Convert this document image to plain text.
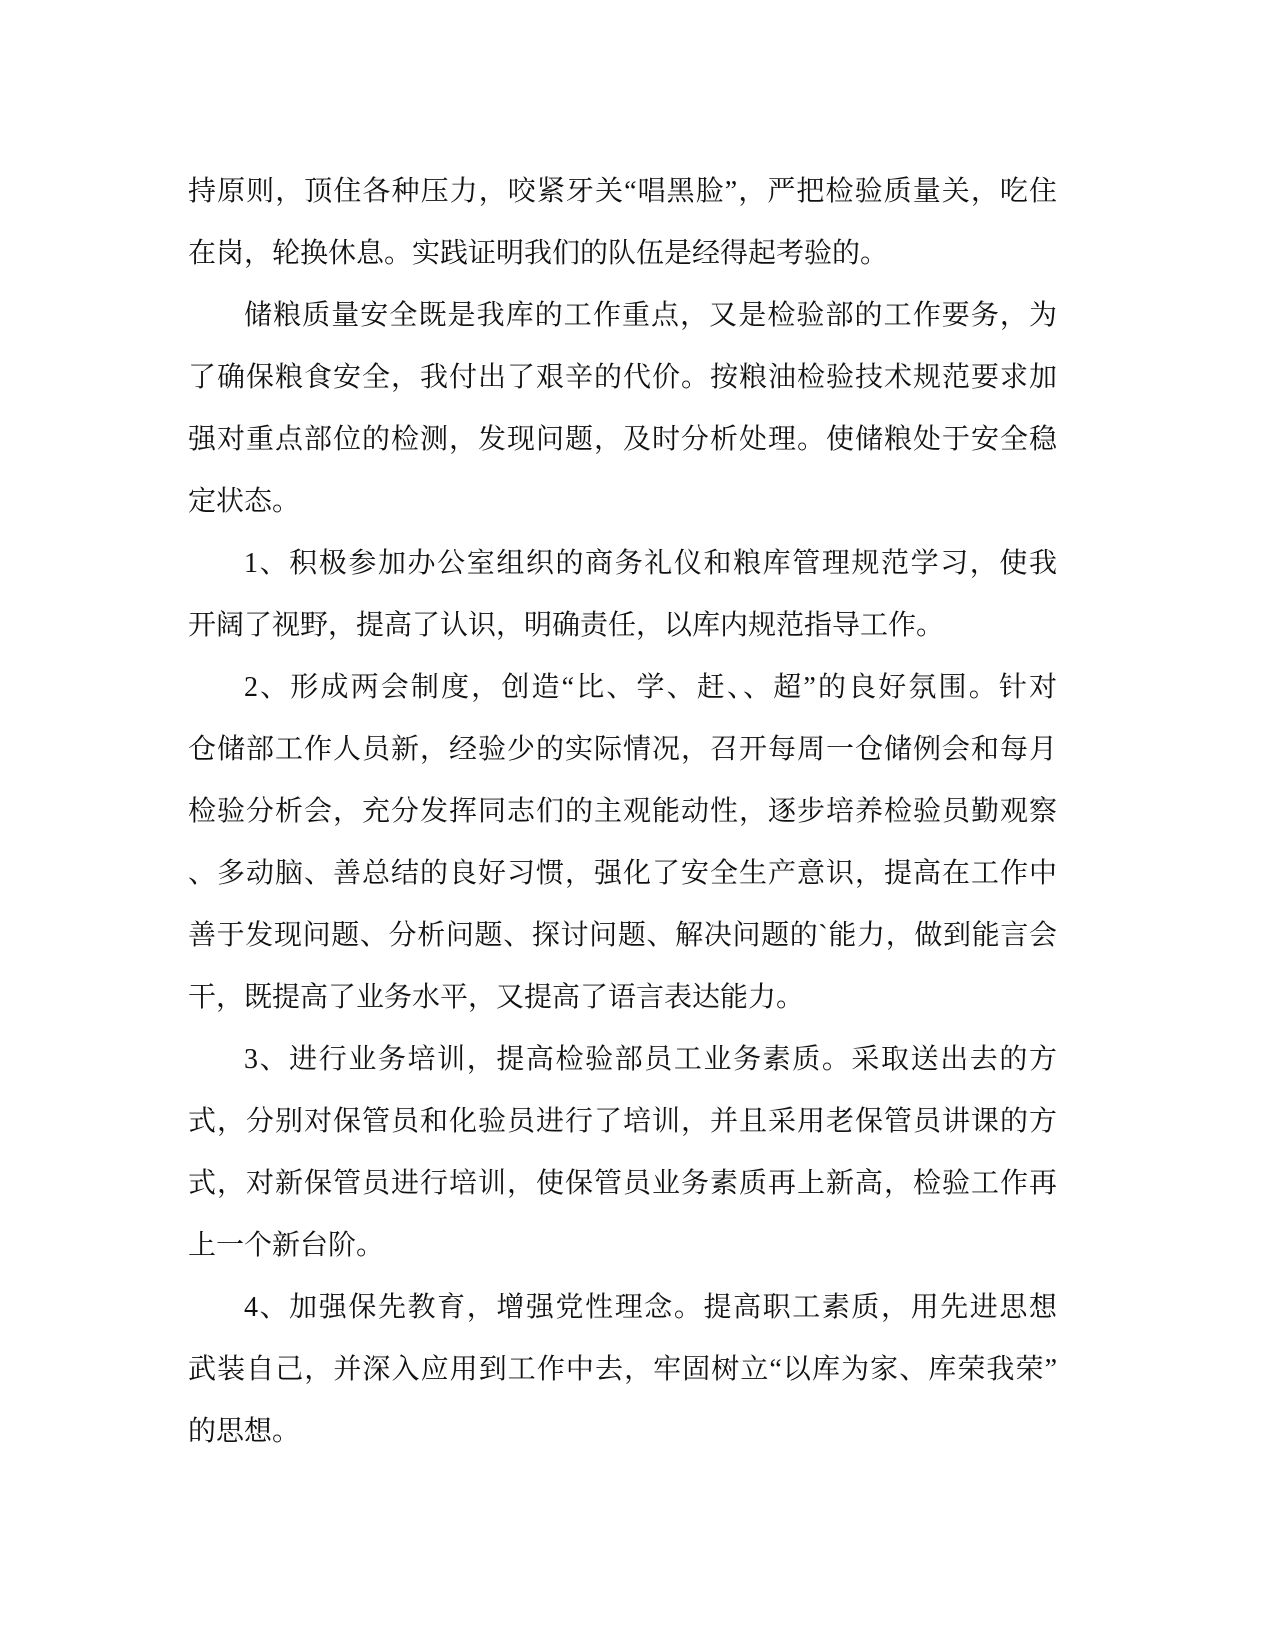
持原则，顶住各种压力，咬紧牙关“唱黑脸”，严把检验质量关，吃住
在岗，轮换休息。实践证明我们的队伍是经得起考验的。
储粮质量安全既是我库的工作重点，又是检验部的工作要务，为
了确保粮食安全，我付出了艰辛的代价。按粮油检验技术规范要求加
强对重点部位的检测，发现问题，及时分析处理。使储粮处于安全稳
定状态。
1、积极参加办公室组织的商务礼仪和粮库管理规范学习，使我
开阔了视野，提高了认识，明确责任，以库内规范指导工作。
2、形成两会制度，创造“比、学、赶、、超”的良好氛围。针对
仓储部工作人员新，经验少的实际情况，召开每周一仓储例会和每月
检验分析会，充分发挥同志们的主观能动性，逐步培养检验员勤观察
、多动脑、善总结的良好习惯，强化了安全生产意识，提高在工作中
善于发现问题、分析问题、探讨问题、解决问题的`能力，做到能言会
干，既提高了业务水平，又提高了语言表达能力。
3、进行业务培训，提高检验部员工业务素质。采取送出去的方
式，分别对保管员和化验员进行了培训，并且采用老保管员讲课的方
式，对新保管员进行培训，使保管员业务素质再上新高，检验工作再
上一个新台阶。
4、加强保先教育，增强党性理念。提高职工素质，用先进思想
武装自己，并深入应用到工作中去，牢固树立“以库为家、库荣我荣”
的思想。
